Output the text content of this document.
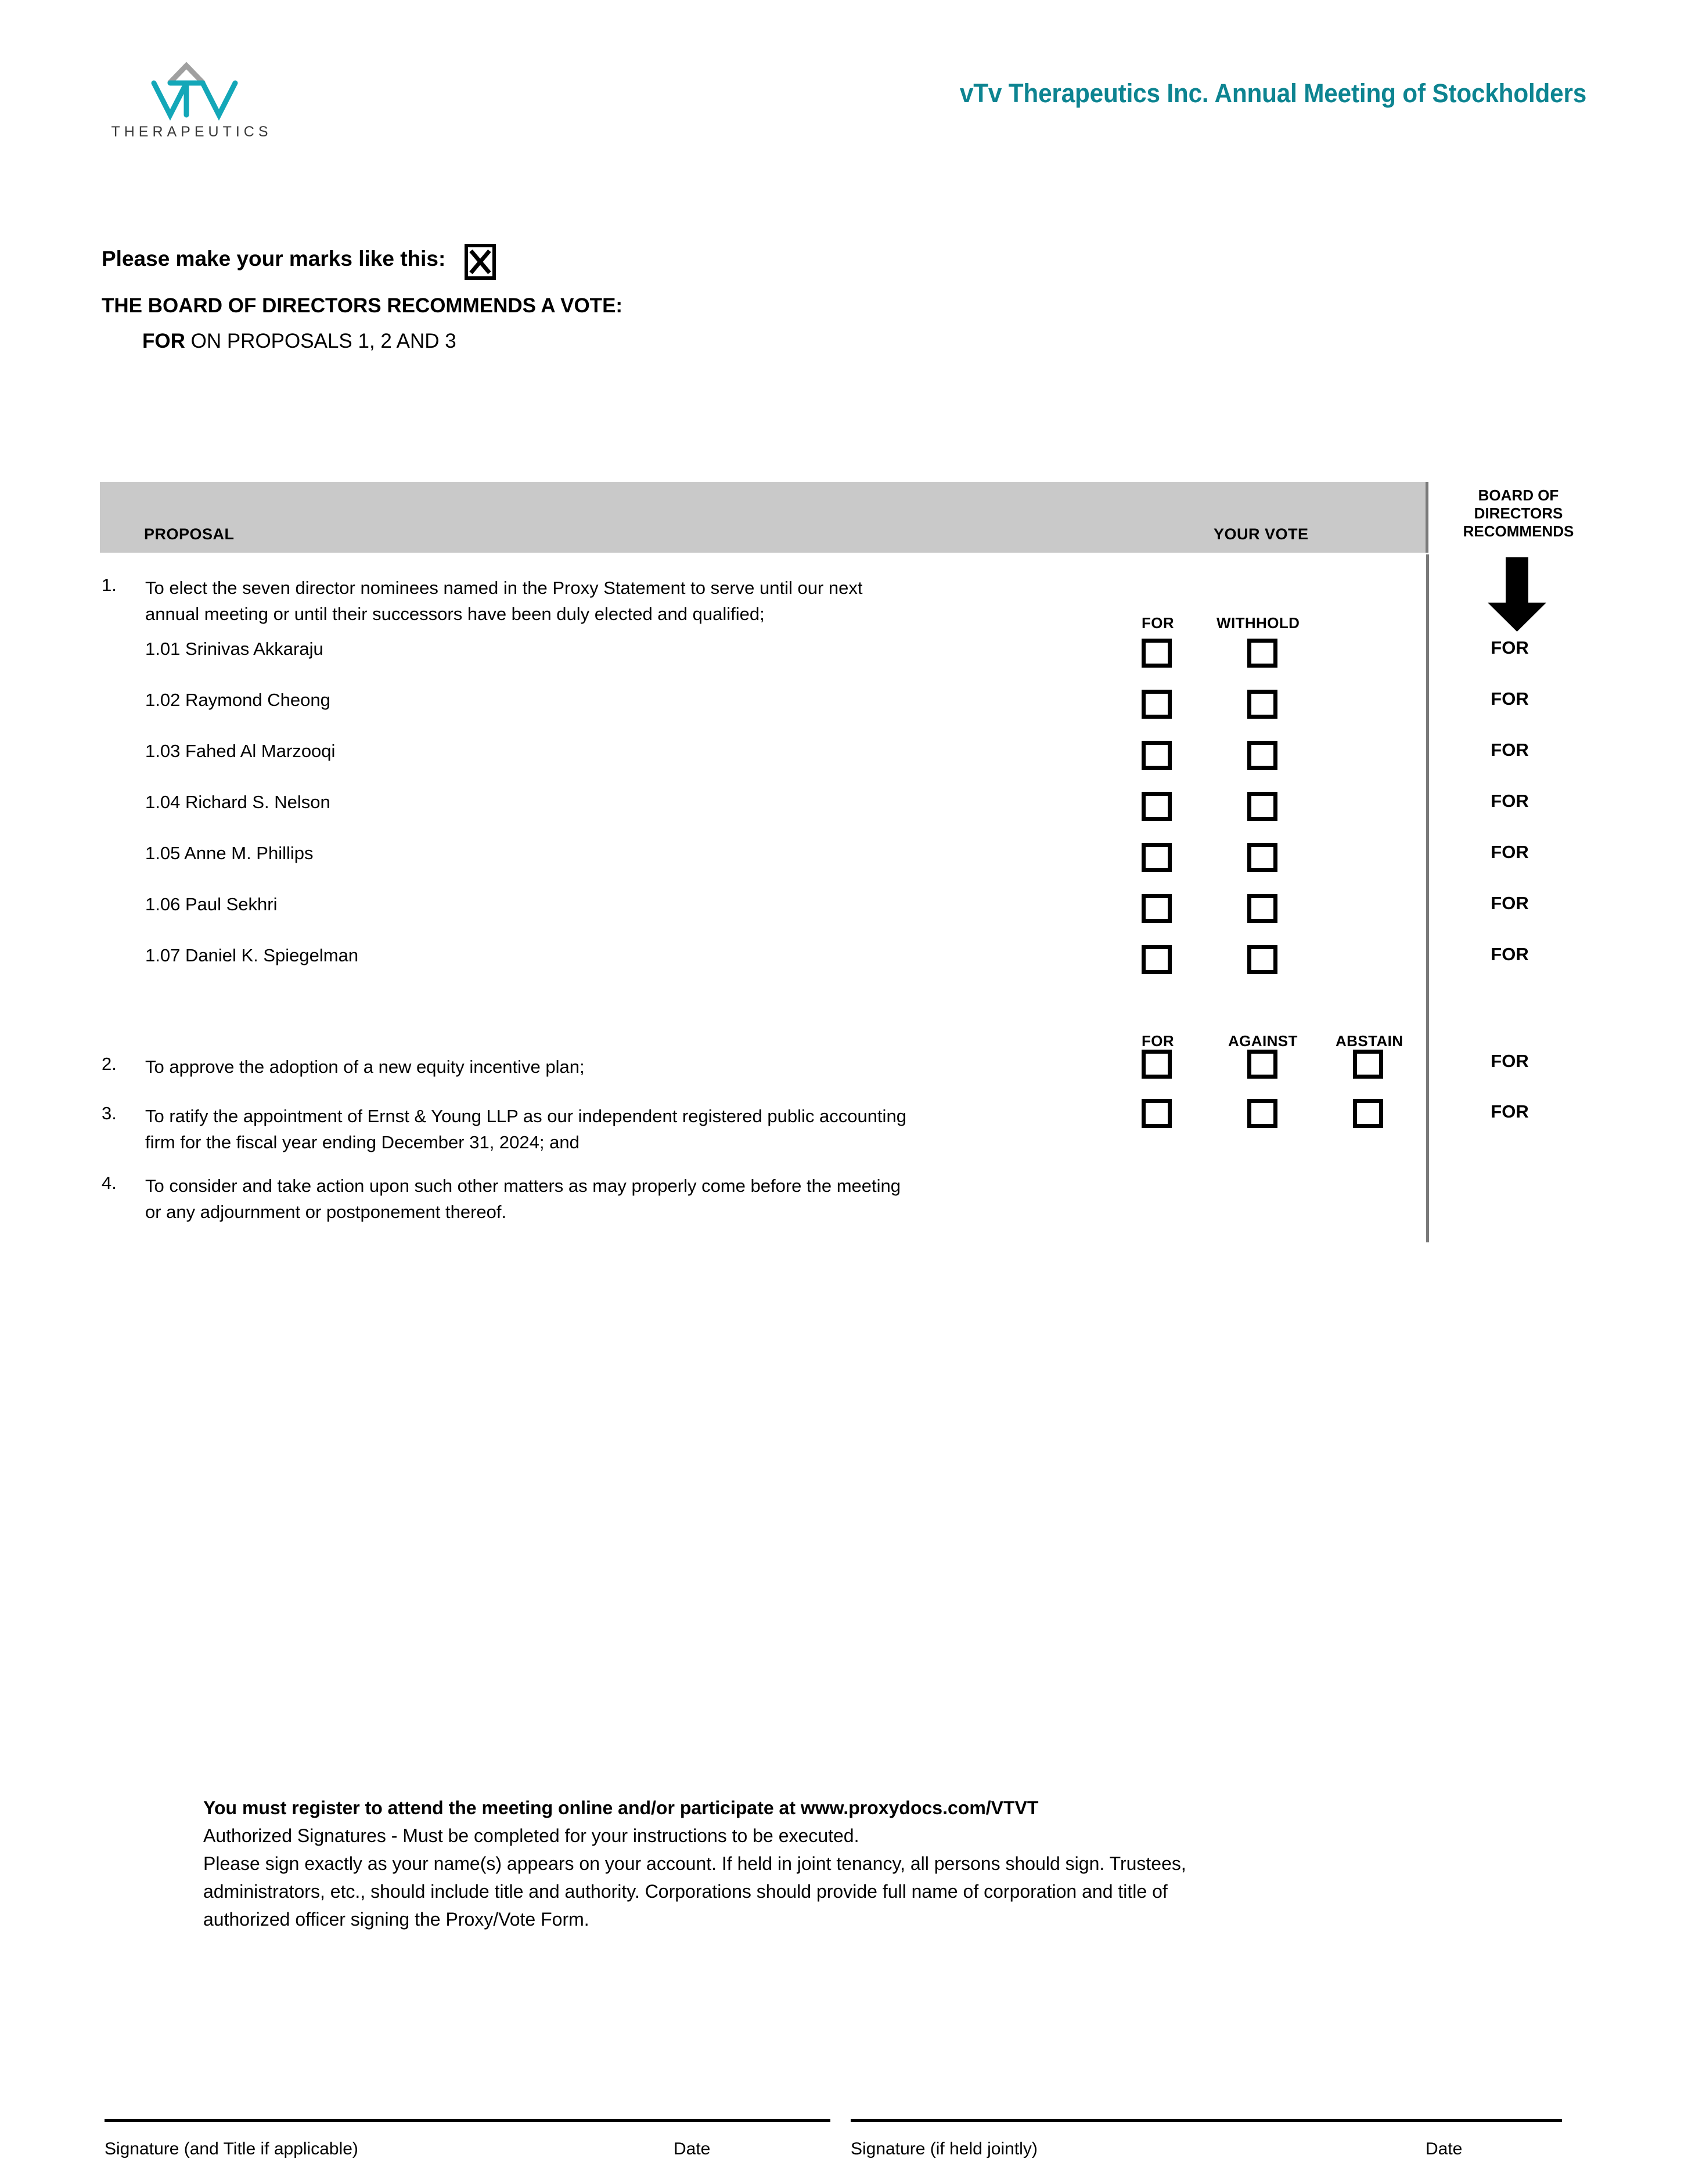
THERAPEUTICS
vTv Therapeutics Inc. Annual Meeting of Stockholders
Please make your marks like this:
THE BOARD OF DIRECTORS RECOMMENDS A VOTE:
FOR ON PROPOSALS 1, 2 AND 3
PROPOSAL	YOUR VOTE
BOARD OF
DIRECTORS
RECOMMENDS
1. To elect the seven director nominees named in the Proxy Statement to serve until our next
annual meeting or until their successors have been duly elected and qualified;	FOR	WITHHOLD
1.01 Srinivas Akkaraju	FOR
1.02 Raymond Cheong	FOR
1.03 Fahed Al Marzooqi	FOR
1.04 Richard S. Nelson	FOR
1.05 Anne M. Phillips	FOR
1.06 Paul Sekhri	FOR
1.07 Daniel K. Spiegelman	FOR
FOR	AGAINST	ABSTAIN
2. To approve the adoption of a new equity incentive plan;	FOR
3. To ratify the appointment of Ernst & Young LLP as our independent registered public accounting
firm for the fiscal year ending December 31, 2024; and
FOR
4. To consider and take action upon such other matters as may properly come before the meeting
or any adjournment or postponement thereof.
You must register to attend the meeting online and/or participate at www.proxydocs.com/VTVT
Authorized Signatures - Must be completed for your instructions to be executed.
Please sign exactly as your name(s) appears on your account. If held in joint tenancy, all persons should sign. Trustees,
administrators, etc., should include title and authority. Corporations should provide full name of corporation and title of
authorized officer signing the Proxy/Vote Form.
Signature (and Title if applicable)	Date	Signature (if held jointly)	Date
